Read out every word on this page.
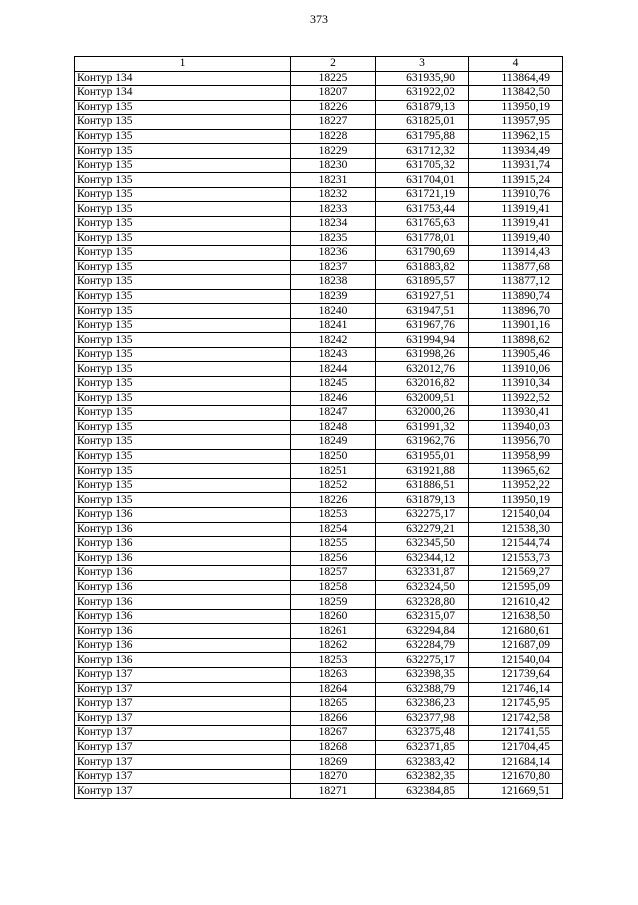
373
1	2	3	4
Контур 134	18225	631935,90	113864,49
Контур 134	18207	631922,02	113842,50
Контур 135	18226	631879,13	113950,19
Контур 135	18227	631825,01	113957,95
Контур 135	18228	631795,88	113962,15
Контур 135	18229	631712,32	113934,49
Контур 135	18230	631705,32	113931,74
Контур 135	18231	631704,01	113915,24
Контур 135	18232	631721,19	113910,76
Контур 135	18233	631753,44	113919,41
Контур 135	18234	631765,63	113919,41
Контур 135	18235	631778,01	113919,40
Контур 135	18236	631790,69	113914,43
Контур 135	18237	631883,82	113877,68
Контур 135	18238	631895,57	113877,12
Контур 135	18239	631927,51	113890,74
Контур 135	18240	631947,51	113896,70
Контур 135	18241	631967,76	113901,16
Контур 135	18242	631994,94	113898,62
Контур 135	18243	631998,26	113905,46
Контур 135	18244	632012,76	113910,06
Контур 135	18245	632016,82	113910,34
Контур 135	18246	632009,51	113922,52
Контур 135	18247	632000,26	113930,41
Контур 135	18248	631991,32	113940,03
Контур 135	18249	631962,76	113956,70
Контур 135	18250	631955,01	113958,99
Контур 135	18251	631921,88	113965,62
Контур 135	18252	631886,51	113952,22
Контур 135	18226	631879,13	113950,19
Контур 136	18253	632275,17	121540,04
Контур 136	18254	632279,21	121538,30
Контур 136	18255	632345,50	121544,74
Контур 136	18256	632344,12	121553,73
Контур 136	18257	632331,87	121569,27
Контур 136	18258	632324,50	121595,09
Контур 136	18259	632328,80	121610,42
Контур 136	18260	632315,07	121638,50
Контур 136	18261	632294,84	121680,61
Контур 136	18262	632284,79	121687,09
Контур 136	18253	632275,17	121540,04
Контур 137	18263	632398,35	121739,64
Контур 137	18264	632388,79	121746,14
Контур 137	18265	632386,23	121745,95
Контур 137	18266	632377,98	121742,58
Контур 137	18267	632375,48	121741,55
Контур 137	18268	632371,85	121704,45
Контур 137	18269	632383,42	121684,14
Контур 137	18270	632382,35	121670,80
Контур 137	18271	632384,85	121669,51
